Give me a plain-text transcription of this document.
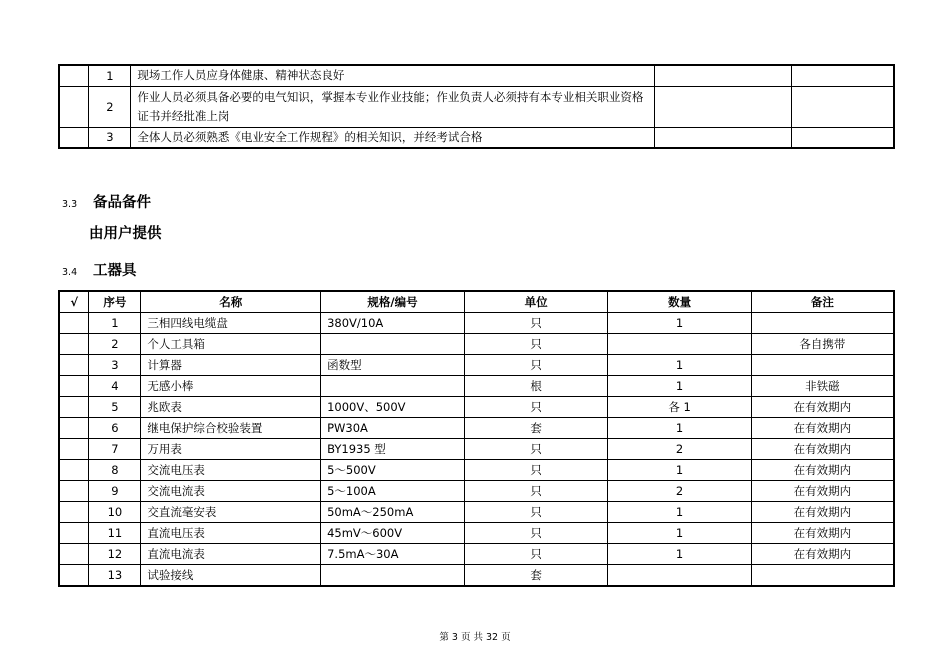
	1	现场工作人员应身体健康、精神状态良好		
	2	作业人员必须具备必要的电气知识，掌握本专业作业技能；作业负责人必须持有本专业相关职业资格证书并经批准上岗		
	3	全体人员必须熟悉《电业安全工作规程》的相关知识，并经考试合格		
3.3 备品备件
由用户提供
3.4 工器具
√	序号	名称	规格/编号	单位	数量	备注
	1	三相四线电缆盘	380V/10A	只	1	
	2	个人工具箱		只		各自携带
	3	计算器	函数型	只	1	
	4	无感小棒		根	1	非铁磁
	5	兆欧表	1000V、500V	只	各 1	在有效期内
	6	继电保护综合校验装置	PW30A	套	1	在有效期内
	7	万用表	BY1935 型	只	2	在有效期内
	8	交流电压表	5～500V	只	1	在有效期内
	9	交流电流表	5～100A	只	2	在有效期内
	10	交直流毫安表	50mA～250mA	只	1	在有效期内
	11	直流电压表	45mV～600V	只	1	在有效期内
	12	直流电流表	7.5mA～30A	只	1	在有效期内
	13	试验接线		套		
第 3 页 共 32 页
